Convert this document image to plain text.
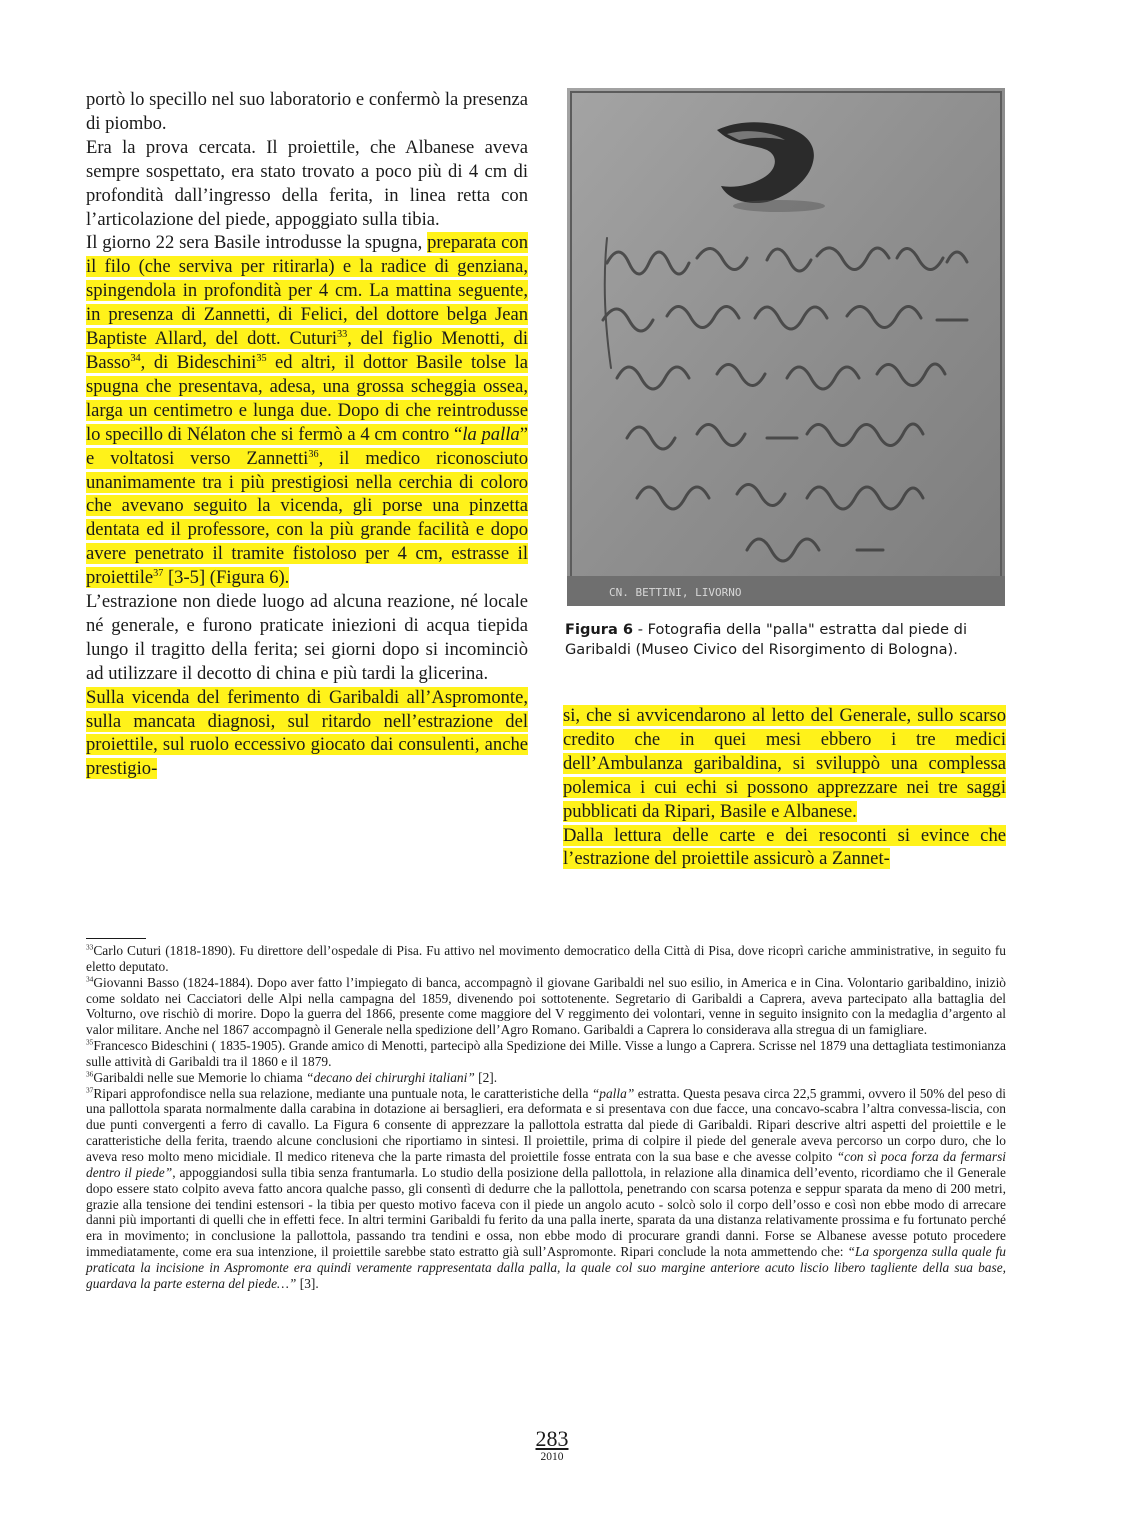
portò lo specillo nel suo laboratorio e confermò la presenza di piombo.

Era la prova cercata. Il proiettile, che Albanese aveva sempre sospettato, era stato trovato a poco più di 4 cm di profondità dall’ingresso della ferita, in linea retta con l’articolazione del piede, appoggiato sulla tibia.

Il giorno 22 sera Basile introdusse la spugna, preparata con il filo (che serviva per ritirarla) e la radice di genziana, spingendola in profondità per 4 cm. La mattina seguente, in presenza di Zannetti, di Felici, del dottore belga Jean Baptiste Allard, del dott. Cuturi$^{33}$, del figlio Menotti, di Basso$^{34}$, di Bideschini$^{35}$ ed altri, il dottor Basile tolse la spugna che presentava, adesa, una grossa scheggia ossea, larga un centimetro e lunga due. Dopo di che reintrodusse lo specillo di Nélaton che si fermò a 4 cm contro “la palla” e voltatosi verso Zannetti$^{36}$, il medico riconosciuto unanimamente tra i più prestigiosi nella cerchia di coloro che avevano seguito la vicenda, gli porse una pinzetta dentata ed il professore, con la più grande facilità e dopo avere penetrato il tramite fistoloso per 4 cm, estrasse il proiettile$^{37}$ [3-5] (Figura 6).

L’estrazione non diede luogo ad alcuna reazione, né locale né generale, e furono praticate iniezioni di acqua tiepida lungo il tragitto della ferita; sei giorni dopo si incominciò ad utilizzare il decotto di china e più tardi la glicerina.

Sulla vicenda del ferimento di Garibaldi all’Aspromonte, sulla mancata diagnosi, sul ritardo nell’estrazione del proiettile, sul ruolo eccessivo giocato dai consulenti, anche prestigio-

CN. BETTINI, LIVORNO
Figura 6 - Fotografia della "palla" estratta dal piede di Garibaldi (Museo Civico del Risorgimento di Bologna).

si, che si avvicendarono al letto del Generale, sullo scarso credito che in quei mesi ebbero i tre medici dell’Ambulanza garibaldina, si sviluppò una complessa polemica i cui echi si possono apprezzare nei tre saggi pubblicati da Ripari, Basile e Albanese.

Dalla lettura delle carte e dei resoconti si evince che l’estrazione del proiettile assicurò a Zannet-

$^{33}$Carlo Cuturi (1818-1890). Fu direttore dell’ospedale di Pisa. Fu attivo nel movimento democratico della Città di Pisa, dove ricoprì cariche amministrative, in seguito fu eletto deputato.

$^{34}$Giovanni Basso (1824-1884). Dopo aver fatto l’impiegato di banca, accompagnò il giovane Garibaldi nel suo esilio, in America e in Cina. Volontario garibaldino, iniziò come soldato nei Cacciatori delle Alpi nella campagna del 1859, divenendo poi sottotenente. Segretario di Garibaldi a Caprera, aveva partecipato alla battaglia del Volturno, ove rischiò di morire. Dopo la guerra del 1866, presente come maggiore del V reggimento dei volontari, venne in seguito insignito con la medaglia d’argento al valor militare. Anche nel 1867 accompagnò il Generale nella spedizione dell’Agro Romano. Garibaldi a Caprera lo considerava alla stregua di un famigliare.

$^{35}$Francesco Bideschini ( 1835-1905). Grande amico di Menotti, partecipò alla Spedizione dei Mille. Visse a lungo a Caprera. Scrisse nel 1879 una dettagliata testimonianza sulle attività di Garibaldi tra il 1860 e il 1879.

$^{36}$Garibaldi nelle sue Memorie lo chiama “decano dei chirurghi italiani” [2].

$^{37}$Ripari approfondisce nella sua relazione, mediante una puntuale nota, le caratteristiche della “palla” estratta. Questa pesava circa 22,5 grammi, ovvero il 50% del peso di una pallottola sparata normalmente dalla carabina in dotazione ai bersaglieri, era deformata e si presentava con due facce, una concavo-scabra l’altra convessa-liscia, con due punti convergenti a ferro di cavallo. La Figura 6 consente di apprezzare la pallottola estratta dal piede di Garibaldi. Ripari descrive altri aspetti del proiettile e le caratteristiche della ferita, traendo alcune conclusioni che riportiamo in sintesi. Il proiettile, prima di colpire il piede del generale aveva percorso un corpo duro, che lo aveva reso molto meno micidiale. Il medico riteneva che la parte rimasta del proiettile fosse entrata con la sua base e che avesse colpito “con sì poca forza da fermarsi dentro il piede”, appoggiandosi sulla tibia senza frantumarla. Lo studio della posizione della pallottola, in relazione alla dinamica dell’evento, ricordiamo che il Generale dopo essere stato colpito aveva fatto ancora qualche passo, gli consentì di dedurre che la pallottola, penetrando con scarsa potenza e seppur sparata da meno di 200 metri, grazie alla tensione dei tendini estensori - la tibia per questo motivo faceva con il piede un angolo acuto - solcò solo il corpo dell’osso e così non ebbe modo di arrecare danni più importanti di quelli che in effetti fece. In altri termini Garibaldi fu ferito da una palla inerte, sparata da una distanza relativamente prossima e fu fortunato perché era in movimento; in conclusione la pallottola, passando tra tendini e ossa, non ebbe modo di procurare grandi danni. Forse se Albanese avesse potuto procedere immediatamente, come era sua intenzione, il proiettile sarebbe stato estratto già sull’Aspromonte. Ripari conclude la nota ammettendo che: “La sporgenza sulla quale fu praticata la incisione in Aspromonte era quindi veramente rappresentata dalla palla, la quale col suo margine anteriore acuto liscio libero tagliente della sua base, guardava la parte esterna del piede…” [3].

283
2010
